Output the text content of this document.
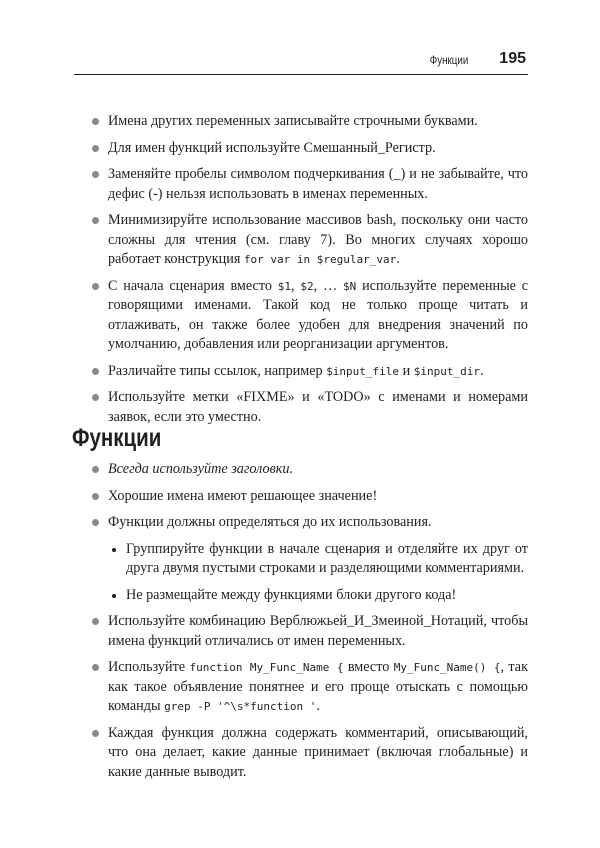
Функции 195
Имена других переменных записывайте строчными буквами.
Для имен функций используйте Смешанный_Регистр.
Заменяйте пробелы символом подчеркивания (_) и не забывайте, что дефис (-) нельзя использовать в именах переменных.
Минимизируйте использование массивов bash, поскольку они часто сложны для чтения (см. главу 7). Во многих случаях хорошо работает конструкция for var in $regular_var.
С начала сценария вместо $1, $2, … $N используйте переменные с говорящими именами. Такой код не только проще читать и отлаживать, он также более удобен для внедрения значений по умолчанию, добавления или реорганизации аргументов.
Различайте типы ссылок, например $input_file и $input_dir.
Используйте метки «FIXME» и «TODO» с именами и номерами заявок, если это уместно.
Функции
Всегда используйте заголовки.
Хорошие имена имеют решающее значение!
Функции должны определяться до их использования.
Группируйте функции в начале сценария и отделяйте их друг от друга двумя пустыми строками и разделяющими комментариями.
Не размещайте между функциями блоки другого кода!
Используйте комбинацию Верблюжьей_И_Змеиной_Нотаций, чтобы имена функций отличались от имен переменных.
Используйте function My_Func_Name { вместо My_Func_Name() {, так как такое объявление понятнее и его проще отыскать с помощью команды grep -P '^\s*function '.
Каждая функция должна содержать комментарий, описывающий, что она делает, какие данные принимает (включая глобальные) и какие данные выводит.
